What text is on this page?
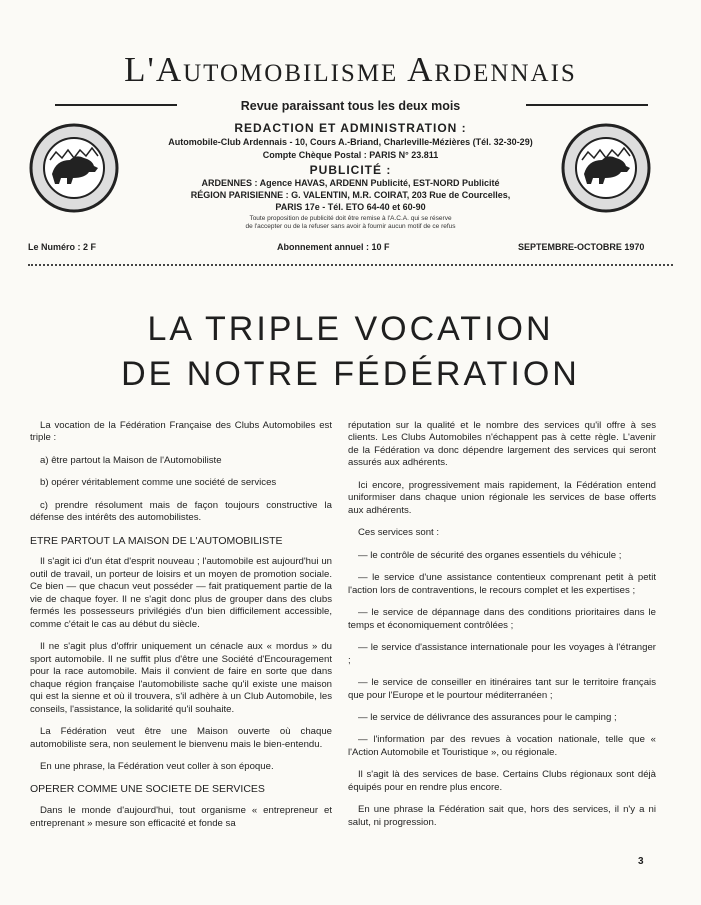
L'Automobilisme Ardennais
Revue paraissant tous les deux mois
REDACTION ET ADMINISTRATION :
Automobile-Club Ardennais - 10, Cours A.-Briand, Charleville-Mézières (Tél. 32-30-29)
Compte Chèque Postal : PARIS N° 23.811
PUBLICITÉ :
ARDENNES : Agence HAVAS, ARDENN Publicité, EST-NORD Publicité
RÉGION PARISIENNE : G. VALENTIN, M.R. COIRAT, 203 Rue de Courcelles,
PARIS 17e - Tél. ETO 64-40 et 60-90
Toute proposition de publicité doit être remise à l'A.C.A. qui se réserve
de l'accepter ou de la refuser sans avoir à fournir aucun motif de ce refus
Le Numéro : 2 F	Abonnement annuel : 10 F	SEPTEMBRE-OCTOBRE 1970
LA TRIPLE VOCATION
DE NOTRE FÉDÉRATION

La vocation de la Fédération Française des Clubs Automobiles est triple :

a) être partout la Maison de l'Automobiliste

b) opérer véritablement comme une société de services

c) prendre résolument mais de façon toujours constructive la défense des intérêts des automobilistes.

ETRE PARTOUT LA MAISON DE L'AUTOMOBILISTE

Il s'agit ici d'un état d'esprit nouveau ; l'automobile est aujourd'hui un outil de travail, un porteur de loisirs et un moyen de promotion sociale. Ce bien — que chacun veut posséder — fait pratiquement partie de la vie de chaque foyer. Il ne s'agit donc plus de grouper dans des clubs fermés les possesseurs privilégiés d'un bien difficilement accessible, comme c'était le cas au début du siècle.

Il ne s'agit plus d'offrir uniquement un cénacle aux « mordus » du sport automobile. Il ne suffit plus d'être une Société d'Encouragement pour la race automobile. Mais il convient de faire en sorte que dans chaque région française l'automobiliste sache qu'il existe une maison qui est la sienne et où il trouvera, s'il adhère à un Club Automobile, les conseils, l'assistance, la solidarité qu'il souhaite.

La Fédération veut être une Maison ouverte où chaque automobiliste sera, non seulement le bienvenu mais le bien-entendu.

En une phrase, la Fédération veut coller à son époque.

OPERER COMME UNE SOCIETE DE SERVICES

Dans le monde d'aujourd'hui, tout organisme « entrepreneur et entreprenant » mesure son efficacité et fonde sa

réputation sur la qualité et le nombre des services qu'il offre à ses clients. Les Clubs Automobiles n'échappent pas à cette règle. L'avenir de la Fédération va donc dépendre largement des services qui seront assurés aux adhérents.

Ici encore, progressivement mais rapidement, la Fédération entend uniformiser dans chaque union régionale les services de base offerts aux adhérents.

Ces services sont :

— le contrôle de sécurité des organes essentiels du véhicule ;

— le service d'une assistance contentieux comprenant petit à petit l'action lors de contraventions, le recours complet et les expertises ;

— le service de dépannage dans des conditions prioritaires dans le temps et économiquement contrôlées ;

— le service d'assistance internationale pour les voyages à l'étranger ;

— le service de conseiller en itinéraires tant sur le territoire français que pour l'Europe et le pourtour méditerranéen ;

— le service de délivrance des assurances pour le camping ;

— l'information par des revues à vocation nationale, telle que « l'Action Automobile et Touristique », ou régionale.

Il s'agit là des services de base. Certains Clubs régionaux sont déjà équipés pour en rendre plus encore.

En une phrase la Fédération sait que, hors des services, il n'y a ni salut, ni progression.

3
